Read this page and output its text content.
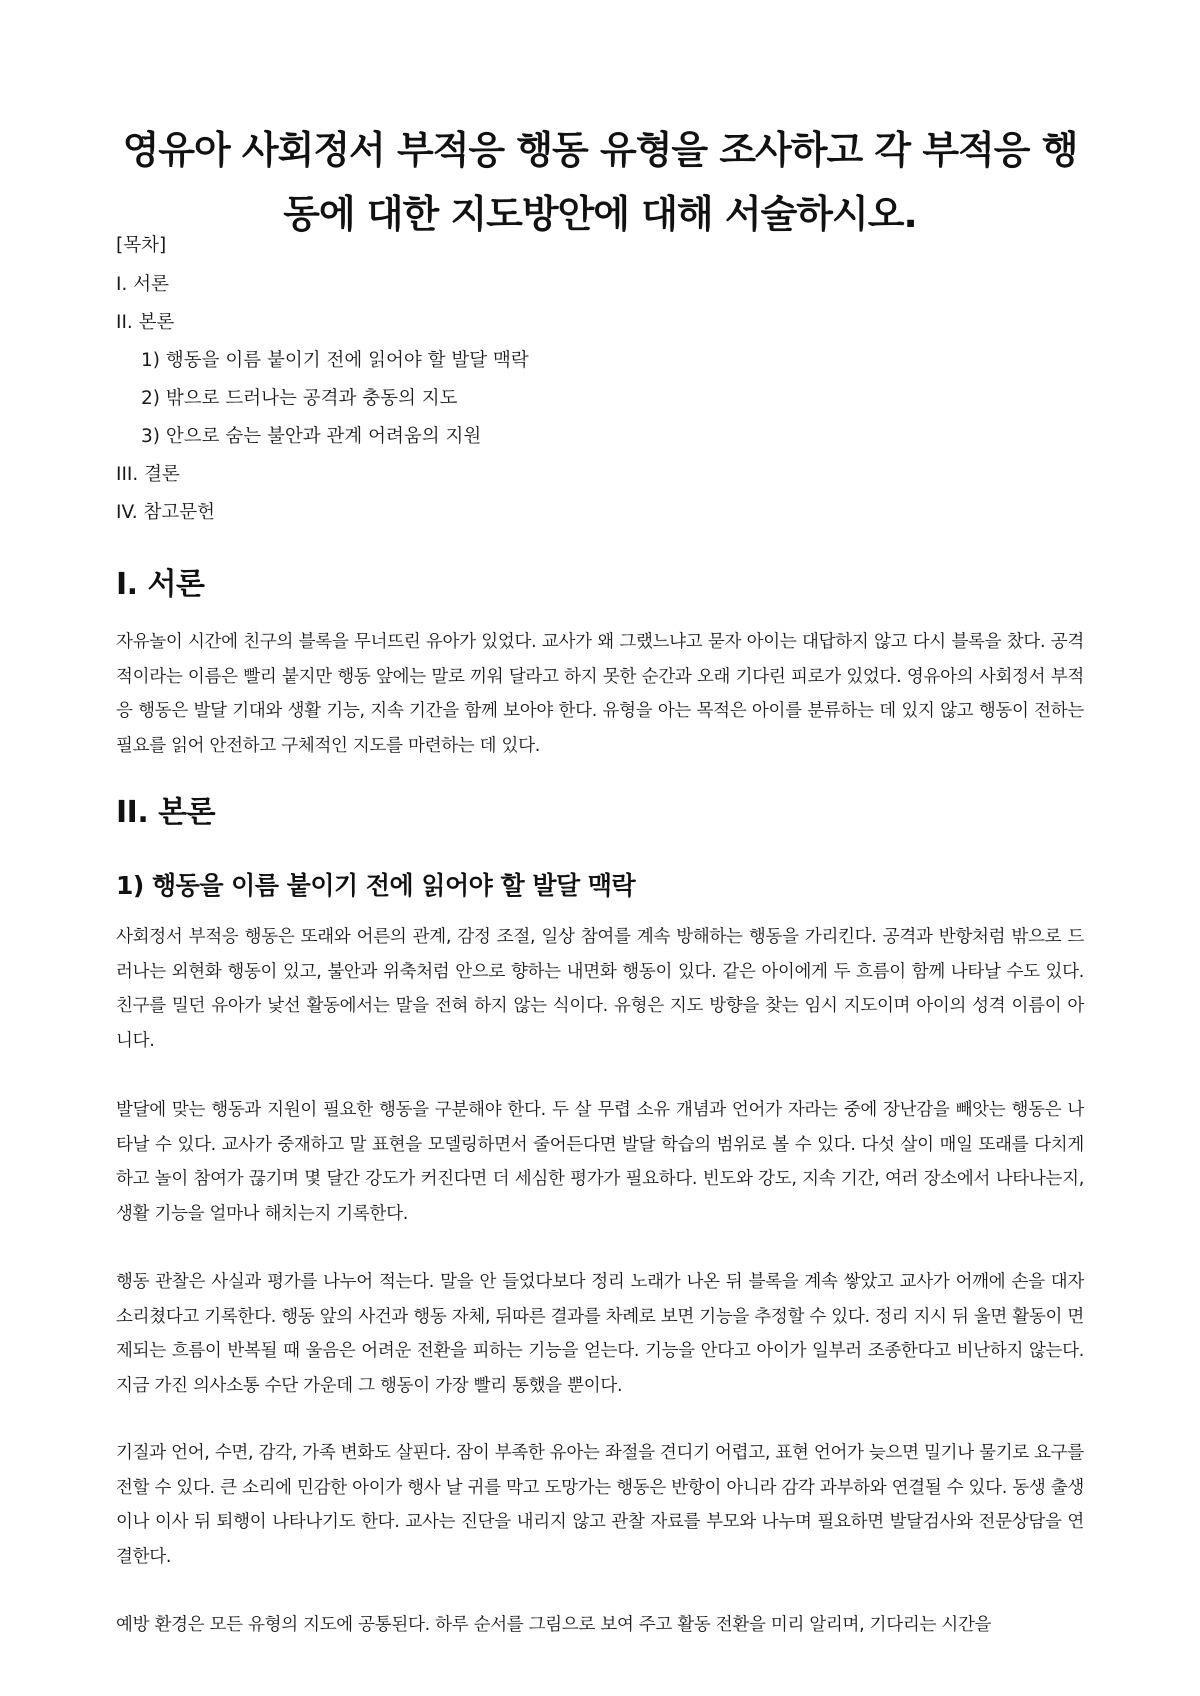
영유아 사회정서 부적응 행동 유형을 조사하고 각 부적응 행동에 대한 지도방안에 대해 서술하시오.
[목차]
I. 서론
II. 본론
1) 행동을 이름 붙이기 전에 읽어야 할 발달 맥락
2) 밖으로 드러나는 공격과 충동의 지도
3) 안으로 숨는 불안과 관계 어려움의 지원
III. 결론
IV. 참고문헌
I. 서론

자유놀이 시간에 친구의 블록을 무너뜨린 유아가 있었다. 교사가 왜 그랬느냐고 묻자 아이는 대답하지 않고 다시 블록을 찼다. 공격적이라는 이름은 빨리 붙지만 행동 앞에는 말로 끼워 달라고 하지 못한 순간과 오래 기다린 피로가 있었다. 영유아의 사회정서 부적응 행동은 발달 기대와 생활 기능, 지속 기간을 함께 보아야 한다. 유형을 아는 목적은 아이를 분류하는 데 있지 않고 행동이 전하는 필요를 읽어 안전하고 구체적인 지도를 마련하는 데 있다.

II. 본론
1) 행동을 이름 붙이기 전에 읽어야 할 발달 맥락

사회정서 부적응 행동은 또래와 어른의 관계, 감정 조절, 일상 참여를 계속 방해하는 행동을 가리킨다. 공격과 반항처럼 밖으로 드러나는 외현화 행동이 있고, 불안과 위축처럼 안으로 향하는 내면화 행동이 있다. 같은 아이에게 두 흐름이 함께 나타날 수도 있다. 친구를 밀던 유아가 낯선 활동에서는 말을 전혀 하지 않는 식이다. 유형은 지도 방향을 찾는 임시 지도이며 아이의 성격 이름이 아니다.

발달에 맞는 행동과 지원이 필요한 행동을 구분해야 한다. 두 살 무렵 소유 개념과 언어가 자라는 중에 장난감을 빼앗는 행동은 나타날 수 있다. 교사가 중재하고 말 표현을 모델링하면서 줄어든다면 발달 학습의 범위로 볼 수 있다. 다섯 살이 매일 또래를 다치게 하고 놀이 참여가 끊기며 몇 달간 강도가 커진다면 더 세심한 평가가 필요하다. 빈도와 강도, 지속 기간, 여러 장소에서 나타나는지, 생활 기능을 얼마나 해치는지 기록한다.

행동 관찰은 사실과 평가를 나누어 적는다. 말을 안 들었다보다 정리 노래가 나온 뒤 블록을 계속 쌓았고 교사가 어깨에 손을 대자 소리쳤다고 기록한다. 행동 앞의 사건과 행동 자체, 뒤따른 결과를 차례로 보면 기능을 추정할 수 있다. 정리 지시 뒤 울면 활동이 면제되는 흐름이 반복될 때 울음은 어려운 전환을 피하는 기능을 얻는다. 기능을 안다고 아이가 일부러 조종한다고 비난하지 않는다. 지금 가진 의사소통 수단 가운데 그 행동이 가장 빨리 통했을 뿐이다.

기질과 언어, 수면, 감각, 가족 변화도 살핀다. 잠이 부족한 유아는 좌절을 견디기 어렵고, 표현 언어가 늦으면 밀기나 물기로 요구를 전할 수 있다. 큰 소리에 민감한 아이가 행사 날 귀를 막고 도망가는 행동은 반항이 아니라 감각 과부하와 연결될 수 있다. 동생 출생이나 이사 뒤 퇴행이 나타나기도 한다. 교사는 진단을 내리지 않고 관찰 자료를 부모와 나누며 필요하면 발달검사와 전문상담을 연결한다.

예방 환경은 모든 유형의 지도에 공통된다. 하루 순서를 그림으로 보여 주고 활동 전환을 미리 알리며, 기다리는 시간을
